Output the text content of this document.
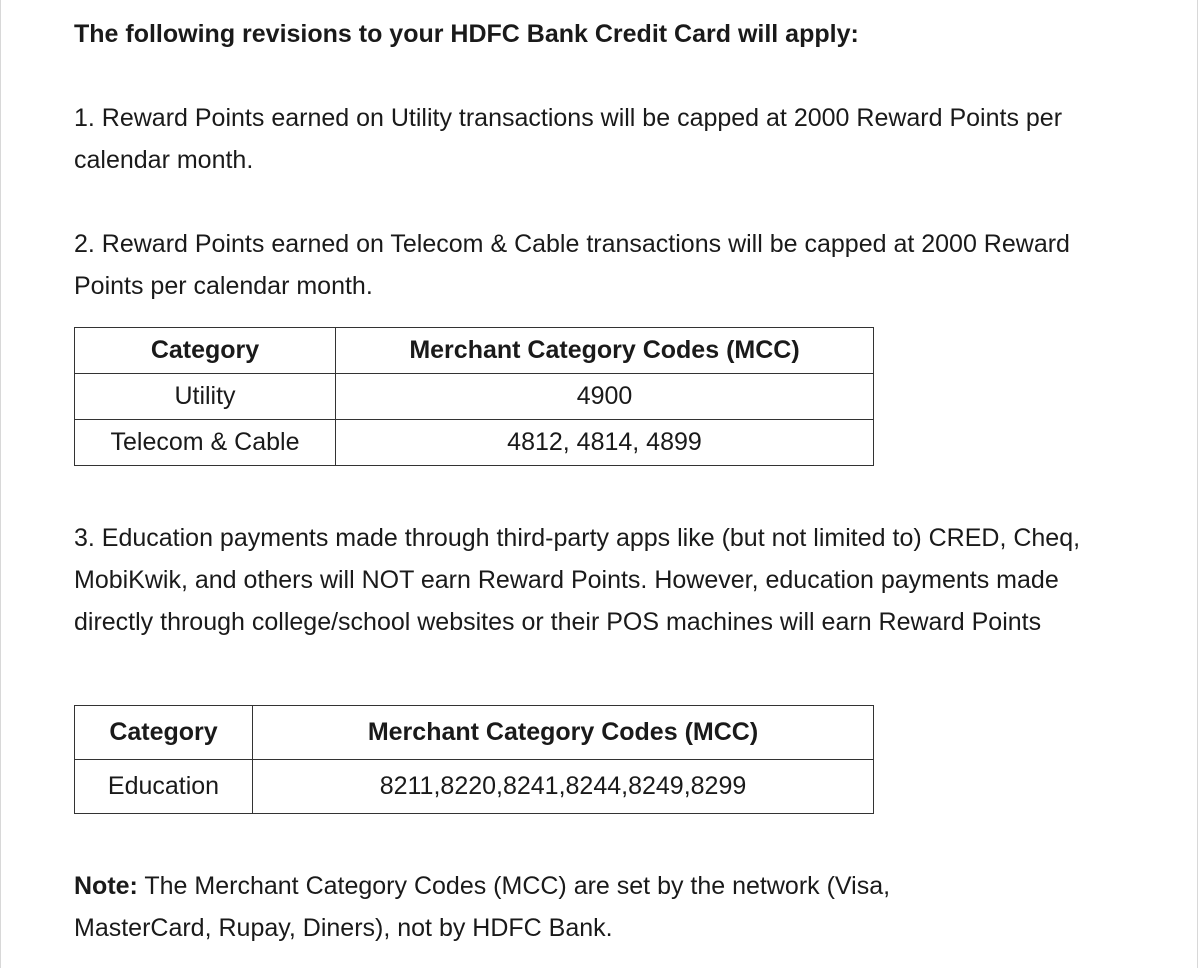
The following revisions to your HDFC Bank Credit Card will apply:

1. Reward Points earned on Utility transactions will be capped at 2000 Reward Points per calendar month.

2. Reward Points earned on Telecom & Cable transactions will be capped at 2000 Reward Points per calendar month.

Category	Merchant Category Codes (MCC)
Utility	4900
Telecom & Cable	4812, 4814, 4899

3. Education payments made through third-party apps like (but not limited to) CRED, Cheq, MobiKwik, and others will NOT earn Reward Points. However, education payments made directly through college/school websites or their POS machines will earn Reward Points

Category	Merchant Category Codes (MCC)
Education	8211,8220,8241,8244,8249,8299

Note: The Merchant Category Codes (MCC) are set by the network (Visa, MasterCard, Rupay, Diners), not by HDFC Bank.
